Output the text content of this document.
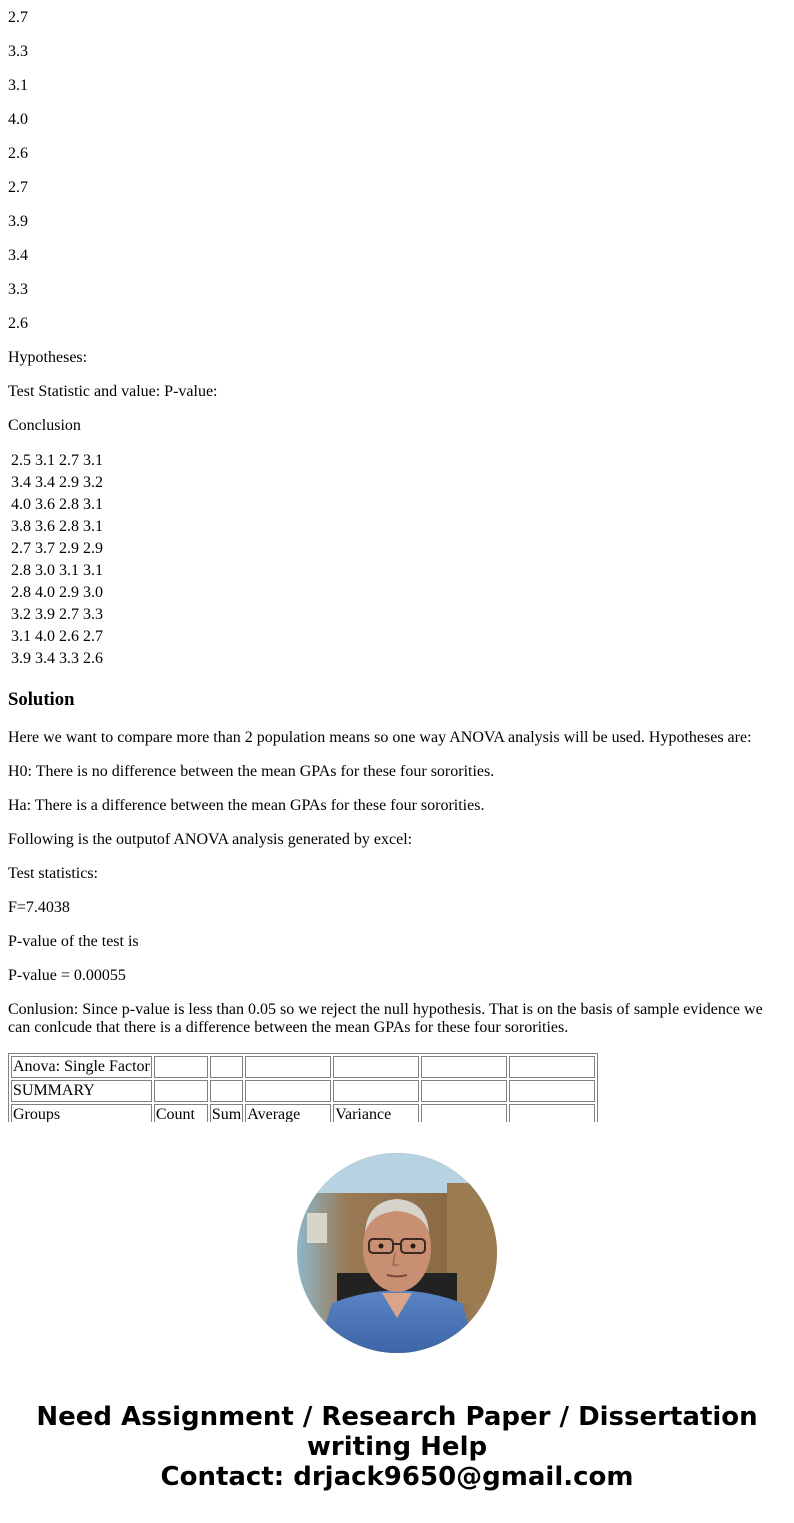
2.7

3.3

3.1

4.0

2.6

2.7

3.9

3.4

3.3

2.6

Hypotheses:

Test Statistic and value: P-value:

Conclusion

2.5 3.1 2.7 3.1
3.4 3.4 2.9 3.2
4.0 3.6 2.8 3.1
3.8 3.6 2.8 3.1
2.7 3.7 2.9 2.9
2.8 3.0 3.1 3.1
2.8 4.0 2.9 3.0
3.2 3.9 2.7 3.3
3.1 4.0 2.6 2.7
3.9 3.4 3.3 2.6
Solution

Here we want to compare more than 2 population means so one way ANOVA analysis will be used. Hypotheses are:

H0: There is no difference between the mean GPAs for these four sororities.

Ha: There is a difference between the mean GPAs for these four sororities.

Following is the outputof ANOVA analysis generated by excel:

Test statistics:

F=7.4038

P-value of the test is

P-value = 0.00055

Conlusion: Since p-value is less than 0.05 so we reject the null hypothesis. That is on the basis of sample evidence we can conlcude that there is a difference between the mean GPAs for these four sororities.

Anova: Single Factor						
SUMMARY						
Groups	Count	Sum	Average	Variance		
Need Assignment / Research Paper / Dissertation
writing Help
Contact: drjack9650@gmail.com
